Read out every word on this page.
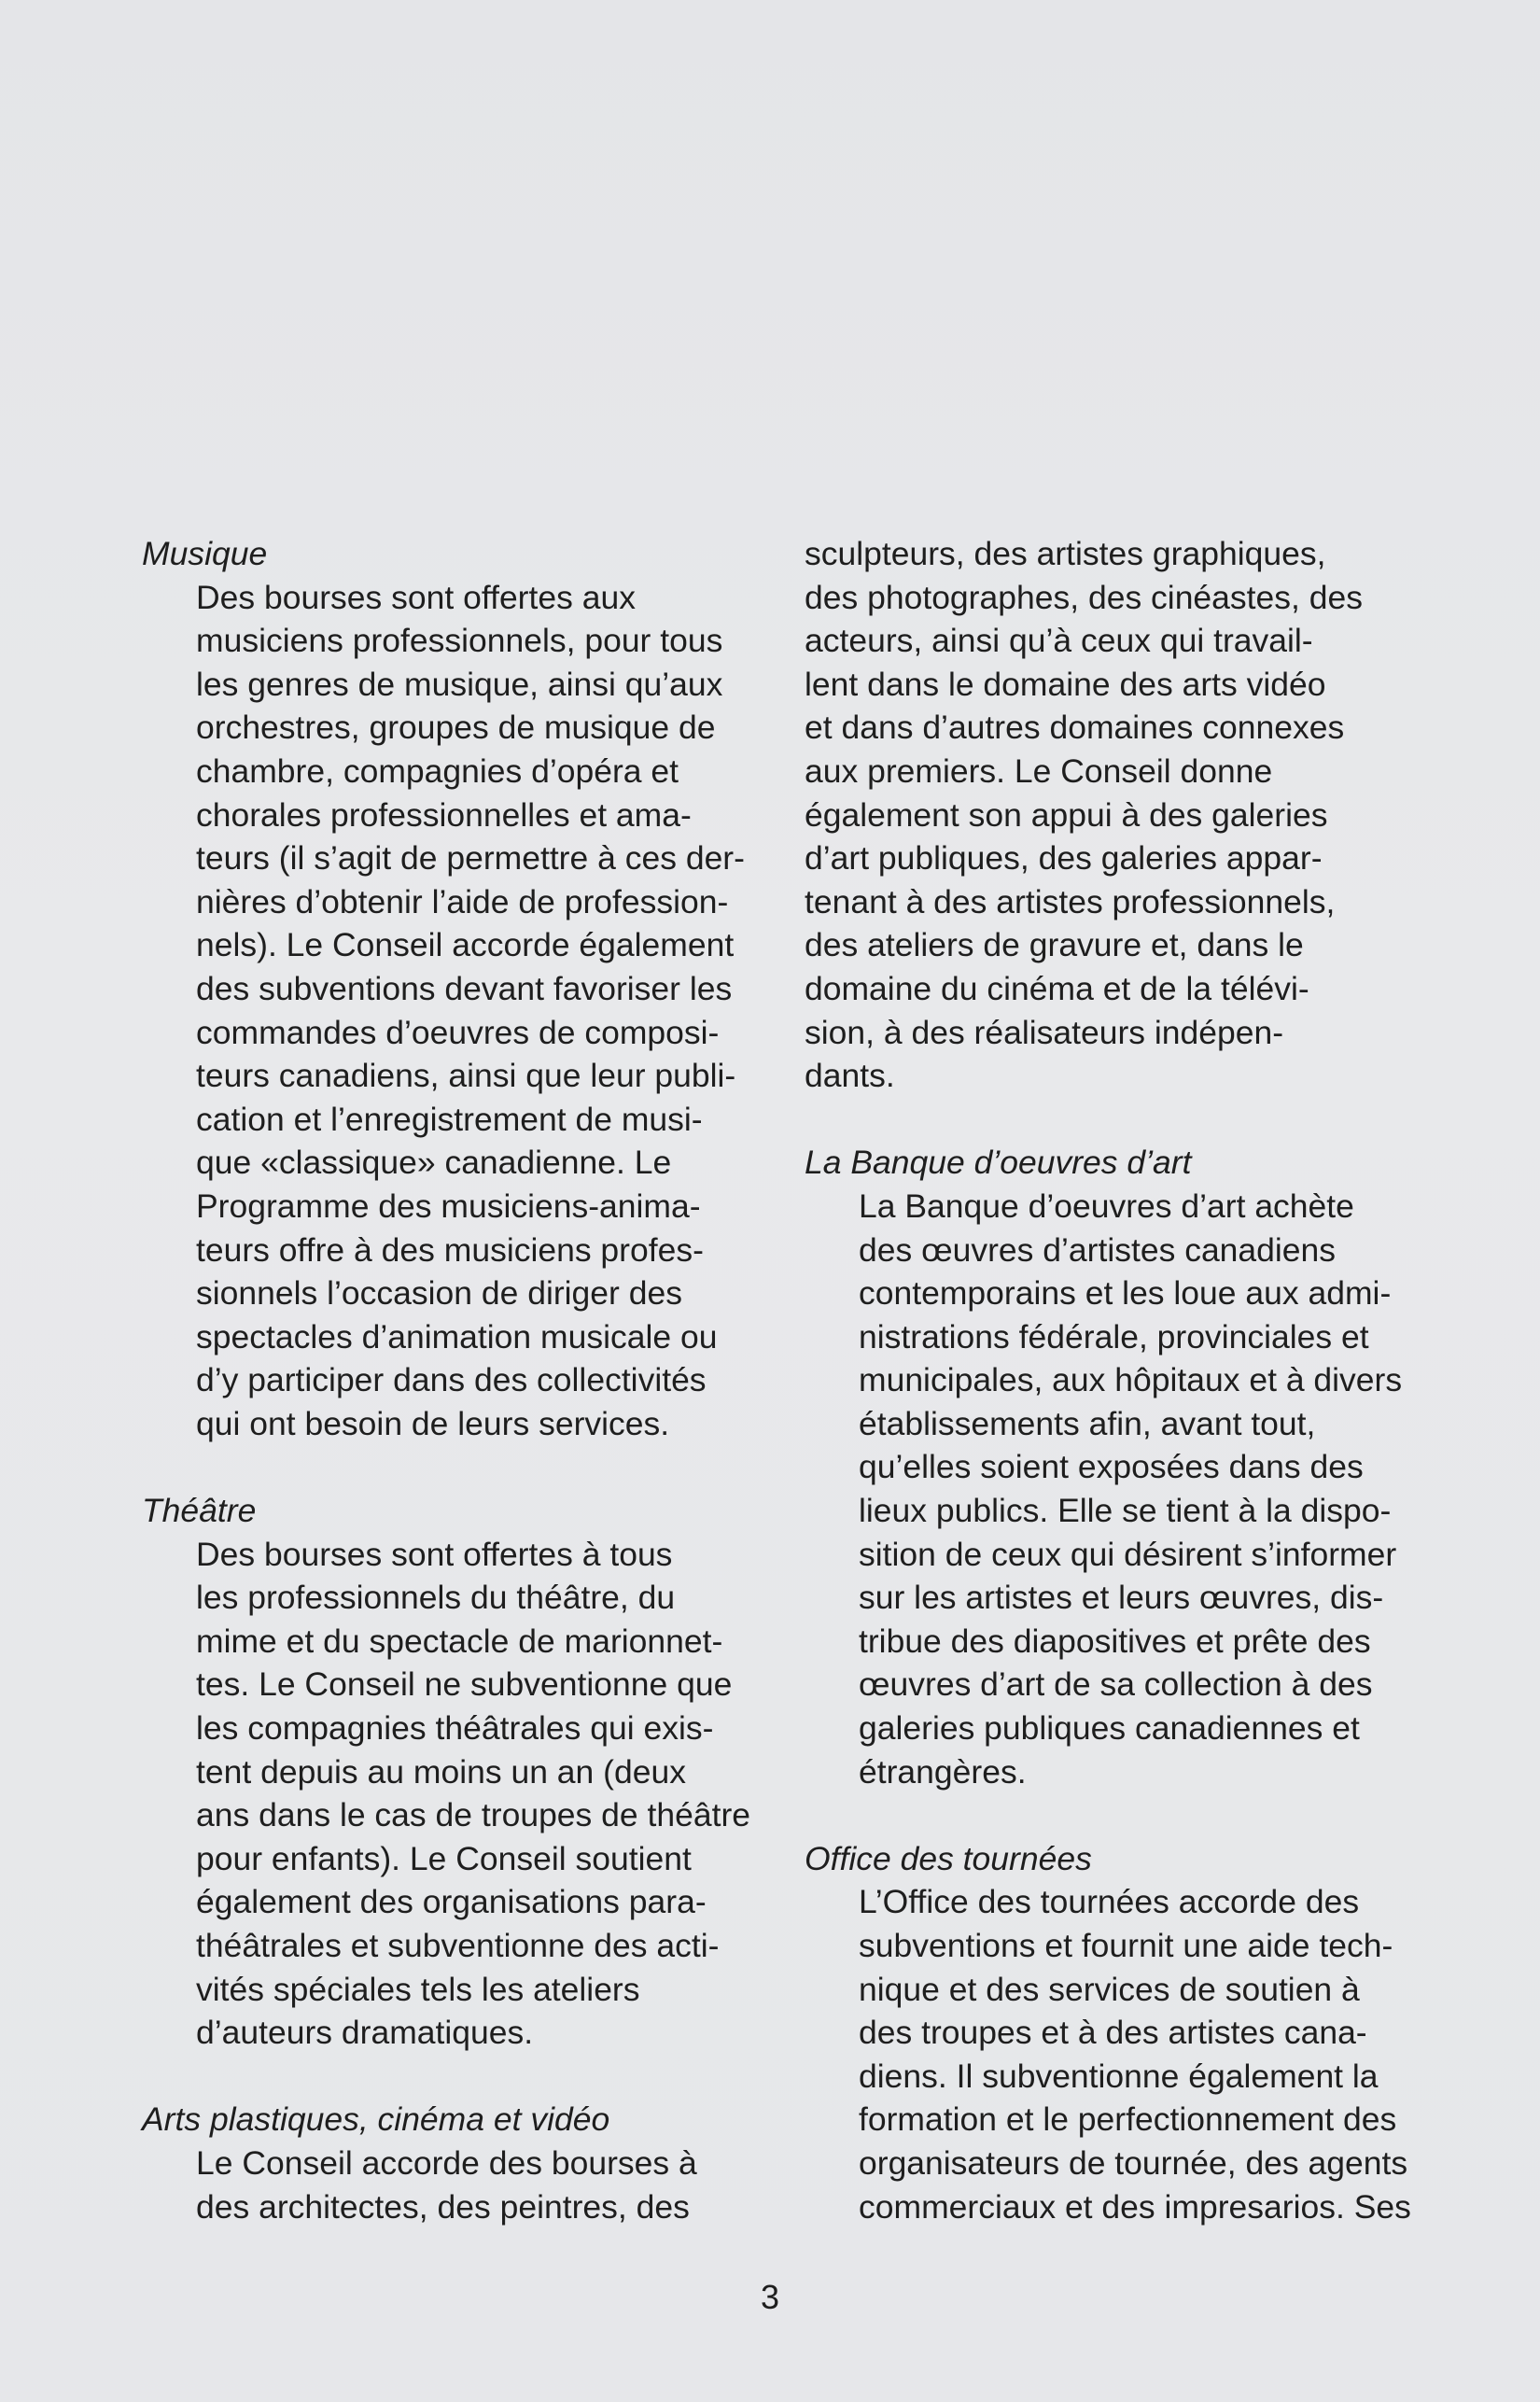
Musique
Des bourses sont offertes aux
musiciens professionnels, pour tous
les genres de musique, ainsi qu’aux
orchestres, groupes de musique de
chambre, compagnies d’opéra et
chorales professionnelles et ama-
teurs (il s’agit de permettre à ces der-
nières d’obtenir l’aide de profession-
nels). Le Conseil accorde également
des subventions devant favoriser les
commandes d’oeuvres de composi-
teurs canadiens, ainsi que leur publi-
cation et l’enregistrement de musi-
que «classique» canadienne. Le
Programme des musiciens-anima-
teurs offre à des musiciens profes-
sionnels l’occasion de diriger des
spectacles d’animation musicale ou
d’y participer dans des collectivités
qui ont besoin de leurs services.
Théâtre
Des bourses sont offertes à tous
les professionnels du théâtre, du
mime et du spectacle de marionnet-
tes. Le Conseil ne subventionne que
les compagnies théâtrales qui exis-
tent depuis au moins un an (deux
ans dans le cas de troupes de théâtre
pour enfants). Le Conseil soutient
également des organisations para-
théâtrales et subventionne des acti-
vités spéciales tels les ateliers
d’auteurs dramatiques.
Arts plastiques, cinéma et vidéo
Le Conseil accorde des bourses à
des architectes, des peintres, des
sculpteurs, des artistes graphiques,
des photographes, des cinéastes, des
acteurs, ainsi qu’à ceux qui travail-
lent dans le domaine des arts vidéo
et dans d’autres domaines connexes
aux premiers. Le Conseil donne
également son appui à des galeries
d’art publiques, des galeries appar-
tenant à des artistes professionnels,
des ateliers de gravure et, dans le
domaine du cinéma et de la télévi-
sion, à des réalisateurs indépen-
dants.
La Banque d’oeuvres d’art
La Banque d’oeuvres d’art achète
des œuvres d’artistes canadiens
contemporains et les loue aux admi-
nistrations fédérale, provinciales et
municipales, aux hôpitaux et à divers
établissements afin, avant tout,
qu’elles soient exposées dans des
lieux publics. Elle se tient à la dispo-
sition de ceux qui désirent s’informer
sur les artistes et leurs œuvres, dis-
tribue des diapositives et prête des
œuvres d’art de sa collection à des
galeries publiques canadiennes et
étrangères.
Office des tournées
L’Office des tournées accorde des
subventions et fournit une aide tech-
nique et des services de soutien à
des troupes et à des artistes cana-
diens. Il subventionne également la
formation et le perfectionnement des
organisateurs de tournée, des agents
commerciaux et des impresarios. Ses
3
